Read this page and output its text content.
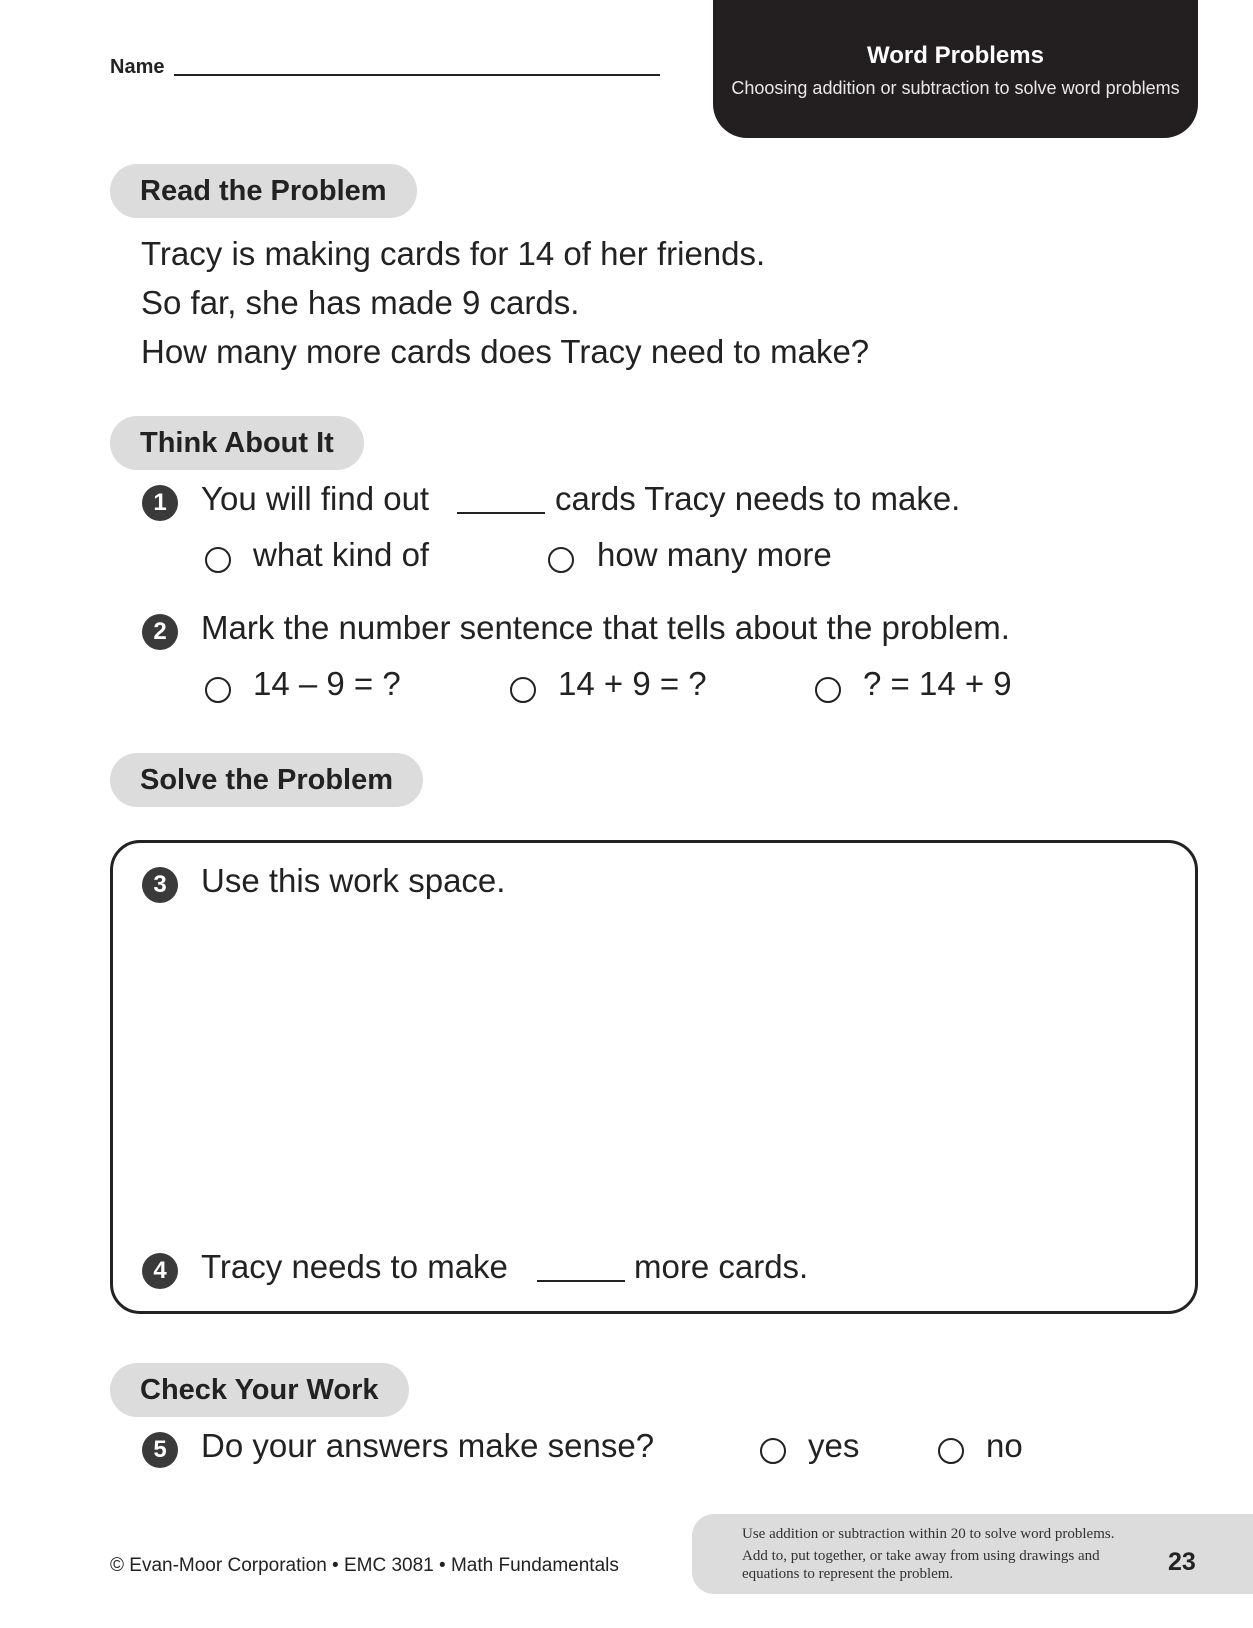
Name	Word Problems
Choosing addition or subtraction to solve word problems
Read the Problem
Tracy is making cards for 14 of her friends.
So far, she has made 9 cards.
How many more cards does Tracy need to make?
Think About It
1	You will find out	cards Tracy needs to make.
what kind of	how many more
2	Mark the number sentence that tells about the problem.
14 – 9 = ?	14 + 9 = ?	? = 14 + 9
Solve the Problem
3	Use this work space.
4	Tracy needs to make	more cards.
Check Your Work
5	Do your answers make sense?	yes	no
© Evan-Moor Corporation • EMC 3081 • Math Fundamentals
Use addition or subtraction within 20 to solve word problems.
Add to, put together, or take away from using drawings and
equations to represent the problem.	23
